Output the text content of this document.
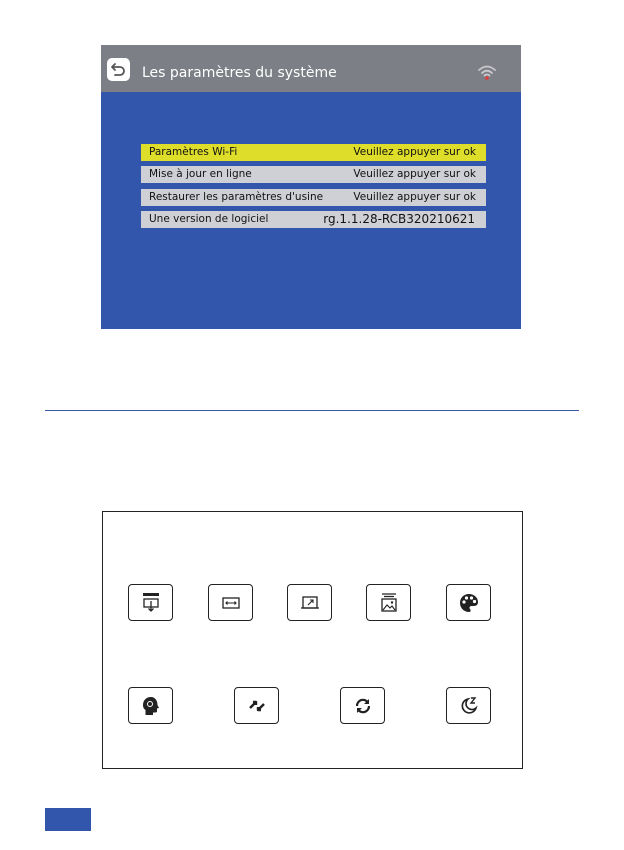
Les paramètres du système
Paramètres Wi-Fi	Veuillez appuyer sur ok
Mise à jour en ligne	Veuillez appuyer sur ok
Restaurer les paramètres d'usine	Veuillez appuyer sur ok
Une version de logiciel	rg.1.1.28-RCB320210621
